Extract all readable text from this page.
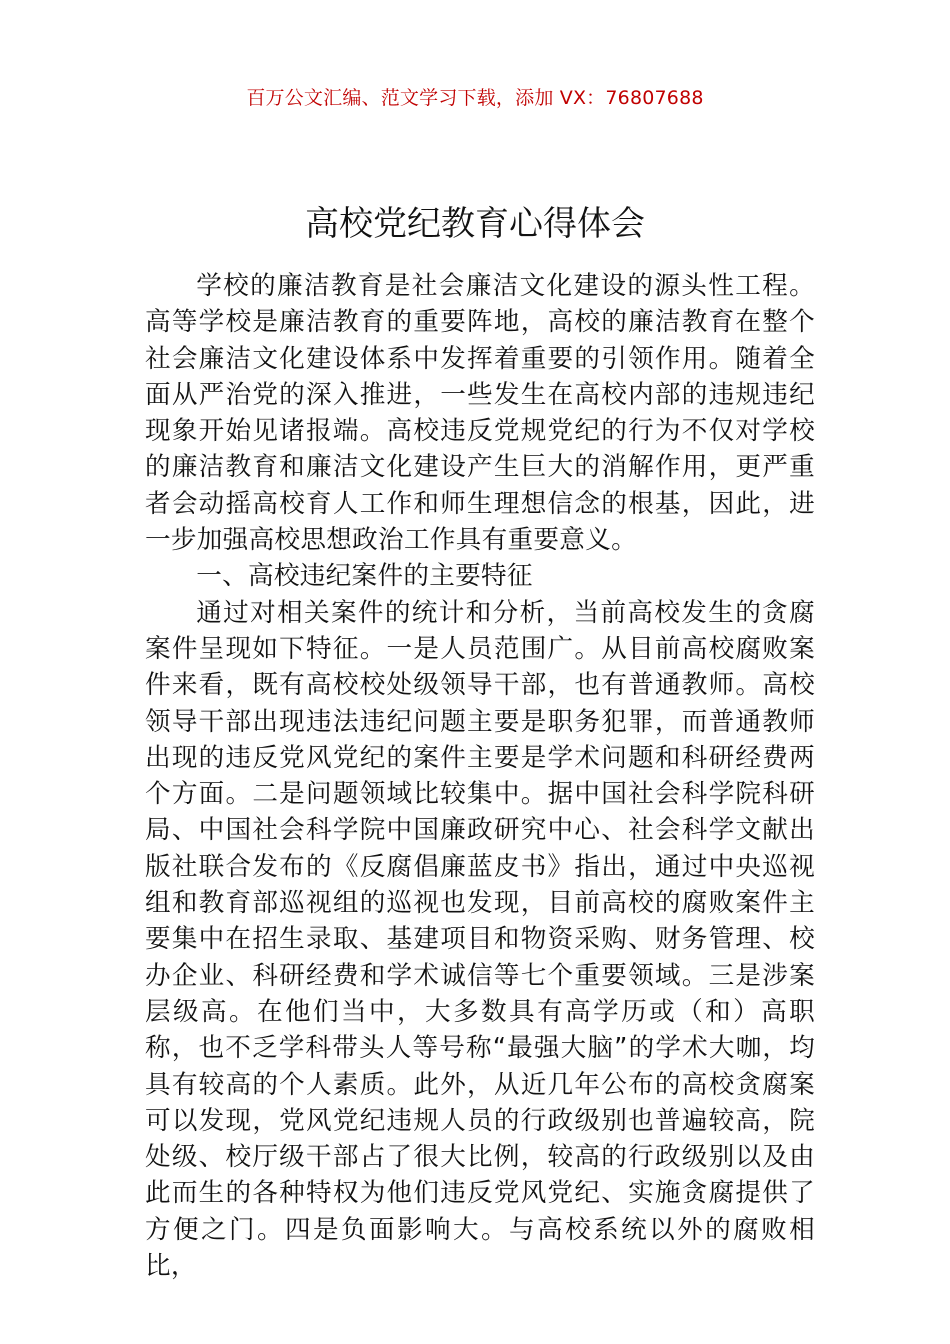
百万公文汇编、范文学习下载，添加 VX：76807688
高校党纪教育心得体会

学校的廉洁教育是社会廉洁文化建设的源头性工程。高等学校是廉洁教育的重要阵地，高校的廉洁教育在整个社会廉洁文化建设体系中发挥着重要的引领作用。随着全面从严治党的深入推进，一些发生在高校内部的违规违纪现象开始见诸报端。高校违反党规党纪的行为不仅对学校的廉洁教育和廉洁文化建设产生巨大的消解作用，更严重者会动摇高校育人工作和师生理想信念的根基，因此，进一步加强高校思想政治工作具有重要意义。

一、高校违纪案件的主要特征

通过对相关案件的统计和分析，当前高校发生的贪腐案件呈现如下特征。一是人员范围广。从目前高校腐败案件来看，既有高校校处级领导干部，也有普通教师。高校领导干部出现违法违纪问题主要是职务犯罪，而普通教师出现的违反党风党纪的案件主要是学术问题和科研经费两个方面。二是问题领域比较集中。据中国社会科学院科研局、中国社会科学院中国廉政研究中心、社会科学文献出版社联合发布的《反腐倡廉蓝皮书》指出，通过中央巡视组和教育部巡视组的巡视也发现，目前高校的腐败案件主要集中在招生录取、基建项目和物资采购、财务管理、校办企业、科研经费和学术诚信等七个重要领域。三是涉案层级高。在他们当中，大多数具有高学历或（和）高职称，也不乏学科带头人等号称“最强大脑”的学术大咖，均具有较高的个人素质。此外，从近几年公布的高校贪腐案可以发现，党风党纪违规人员的行政级别也普遍较高，院处级、校厅级干部占了很大比例，较高的行政级别以及由此而生的各种特权为他们违反党风党纪、实施贪腐提供了方便之门。四是负面影响大。与高校系统以外的腐败相比，
